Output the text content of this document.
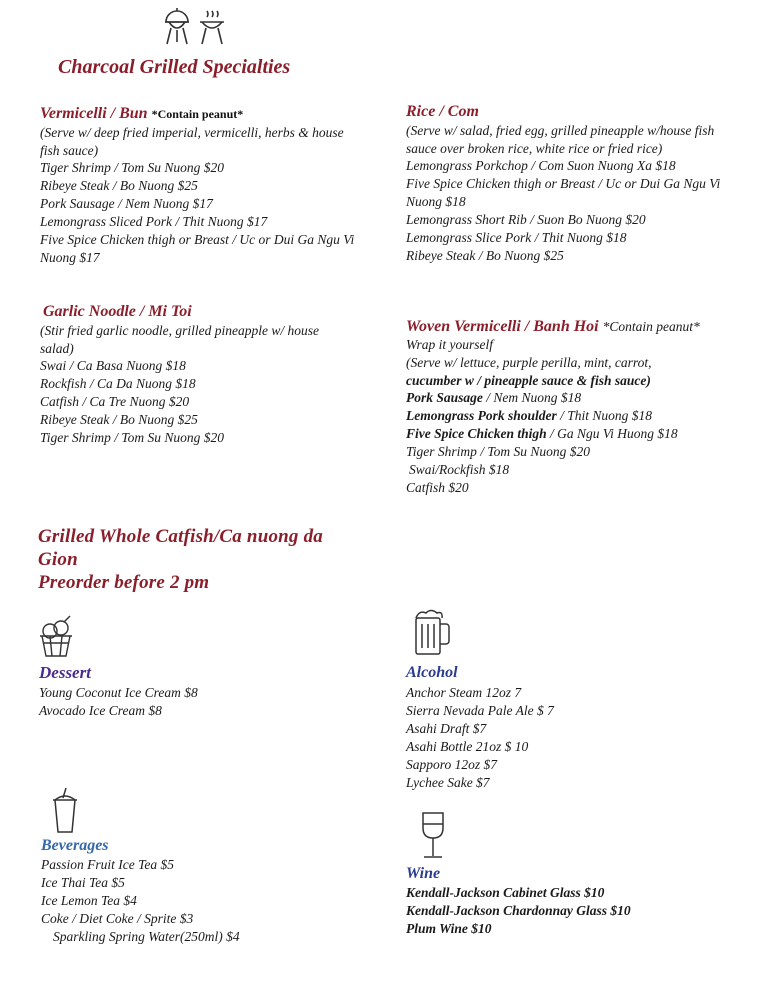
Charcoal Grilled Specialties
Vermicelli / Bun *Contain peanut*
(Serve w/ deep fried imperial, vermicelli, herbs & house fish sauce)
Tiger Shrimp / Tom Su Nuong $20
Ribeye Steak / Bo Nuong $25
Pork Sausage / Nem Nuong $17
Lemongrass Sliced Pork / Thit Nuong $17
Five Spice Chicken thigh or Breast / Uc or Dui Ga Ngu Vi Nuong $17
Rice / Com
(Serve w/ salad, fried egg, grilled pineapple w/house fish sauce over broken rice, white rice or fried rice)
Lemongrass Porkchop / Com Suon Nuong Xa $18
Five Spice Chicken thigh or Breast / Uc or Dui Ga Ngu Vi Nuong $18
Lemongrass Short Rib / Suon Bo Nuong $20
Lemongrass Slice Pork / Thit Nuong $18
Ribeye Steak / Bo Nuong $25
Garlic Noodle / Mi Toi
(Stir fried garlic noodle, grilled pineapple w/ house salad)
Swai / Ca Basa Nuong $18
Rockfish / Ca Da Nuong $18
Catfish / Ca Tre Nuong $20
Ribeye Steak / Bo Nuong $25
Tiger Shrimp / Tom Su Nuong $20
Woven Vermicelli / Banh Hoi *Contain peanut* Wrap it yourself
(Serve w/ lettuce, purple perilla, mint, carrot,
cucumber w / pineapple sauce & fish sauce)
Pork Sausage / Nem Nuong $18
Lemongrass Pork shoulder / Thit Nuong $18
Five Spice Chicken thigh / Ga Ngu Vi Huong $18
Tiger Shrimp / Tom Su Nuong $20
Swai/Rockfish $18
Catfish $20
Grilled Whole Catfish/Ca nuong da
Gion
Preorder before 2 pm
Dessert
Young Coconut Ice Cream $8
Avocado Ice Cream $8
Alcohol
Anchor Steam 12oz 7
Sierra Nevada Pale Ale $ 7
Asahi Draft $7
Asahi Bottle 21oz $ 10
Sapporo 12oz $7
Lychee Sake $7
Beverages
Passion Fruit Ice Tea $5
Ice Thai Tea $5
Ice Lemon Tea $4
Coke / Diet Coke / Sprite $3
Sparkling Spring Water(250ml) $4
Wine
Kendall-Jackson Cabinet Glass $10
Kendall-Jackson Chardonnay Glass $10
Plum Wine $10
